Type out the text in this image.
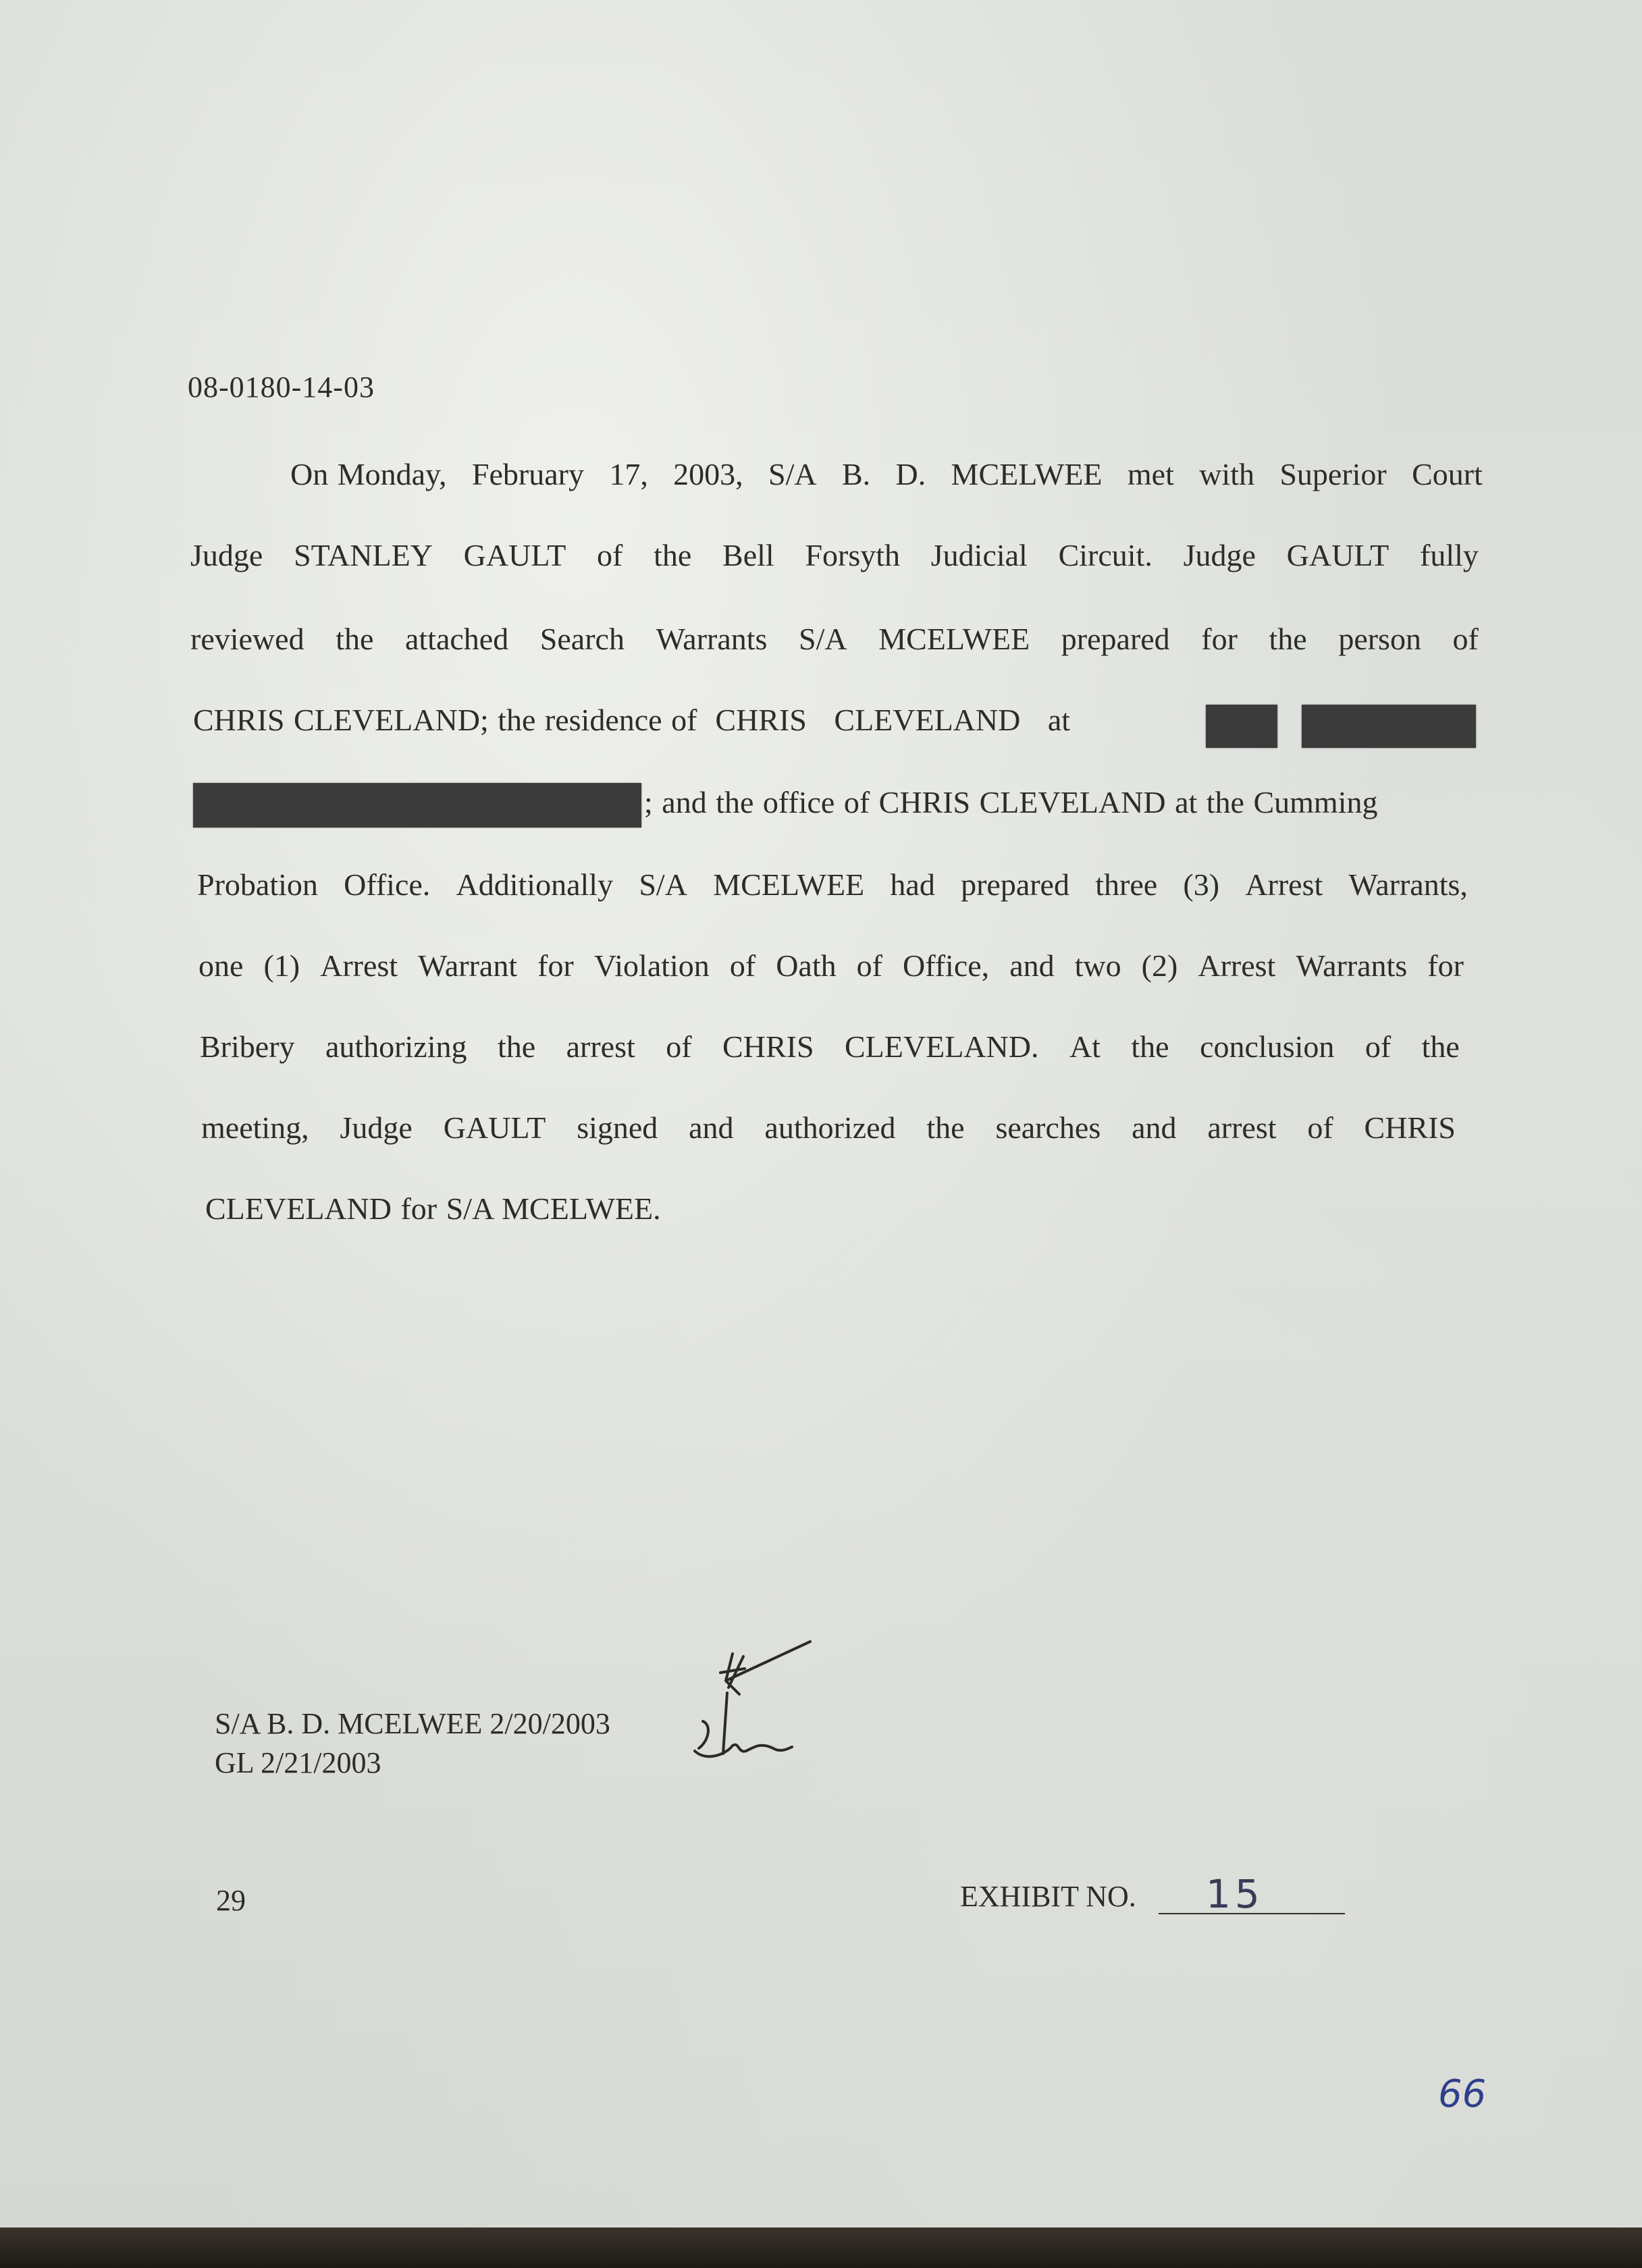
08-0180-14-03
On Monday, February 17, 2003, S/A B. D. MCELWEE met with Superior Court
Judge STANLEY GAULT of the Bell Forsyth Judicial Circuit. Judge GAULT fully
reviewed the attached Search Warrants S/A MCELWEE prepared for the person of
CHRIS CLEVELAND; the residence of  CHRIS   CLEVELAND   at
; and the office of CHRIS CLEVELAND at the Cumming
Probation Office. Additionally S/A MCELWEE had prepared three (3) Arrest Warrants,
one (1) Arrest Warrant for Violation of Oath of Office, and two (2) Arrest Warrants for
Bribery authorizing the arrest of CHRIS CLEVELAND. At the conclusion of the
meeting, Judge GAULT signed and authorized the searches and arrest of CHRIS
CLEVELAND for S/A MCELWEE.
S/A B. D. MCELWEE 2/20/2003
GL 2/21/2003
29	EXHIBIT NO. 15
66
